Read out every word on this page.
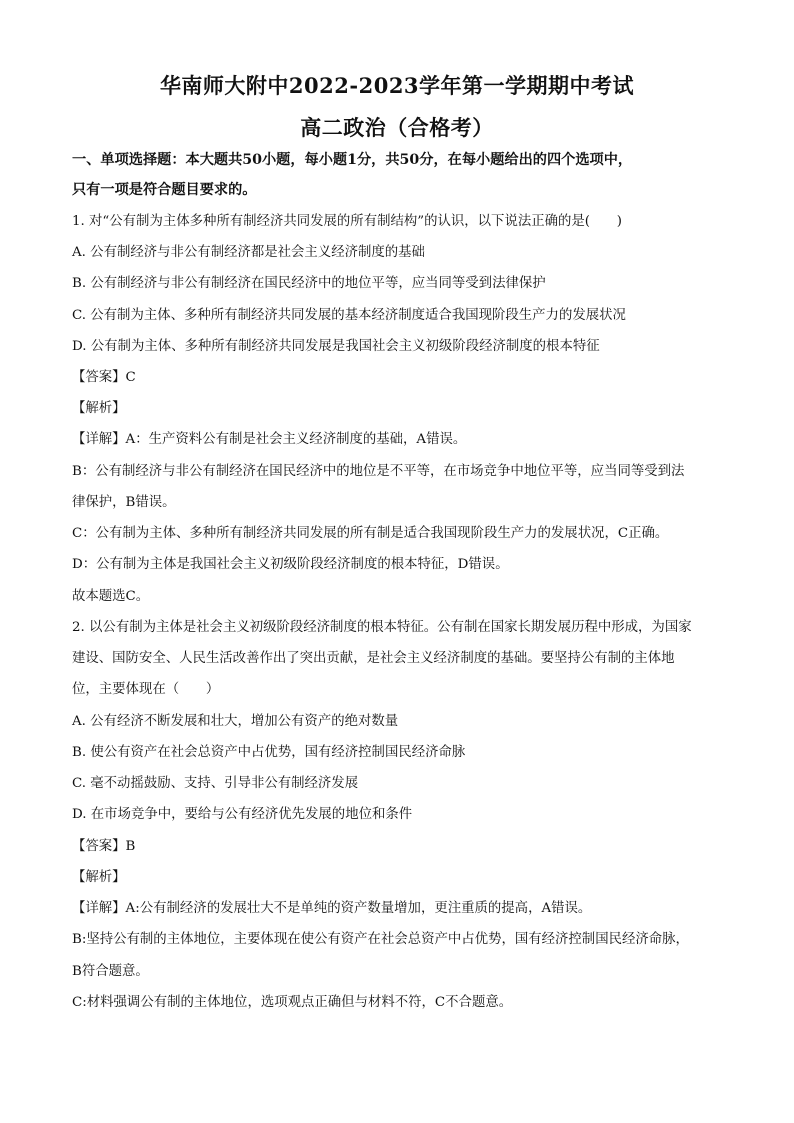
华南师大附中2022-2023学年第一学期期中考试
高二政治（合格考）
一、单项选择题：本大题共50小题，每小题1分，共50分，在每小题给出的四个选项中，
只有一项是符合题目要求的。
1. 对“公有制为主体多种所有制经济共同发展的所有制结构”的认识，以下说法正确的是(　　)
A. 公有制经济与非公有制经济都是社会主义经济制度的基础
B. 公有制经济与非公有制经济在国民经济中的地位平等，应当同等受到法律保护
C. 公有制为主体、多种所有制经济共同发展的基本经济制度适合我国现阶段生产力的发展状况
D. 公有制为主体、多种所有制经济共同发展是我国社会主义初级阶段经济制度的根本特征
【答案】C
【解析】
【详解】A：生产资料公有制是社会主义经济制度的基础，A错误。
B：公有制经济与非公有制经济在国民经济中的地位是不平等，在市场竞争中地位平等，应当同等受到法
律保护，B错误。
C：公有制为主体、多种所有制经济共同发展的所有制是适合我国现阶段生产力的发展状况，C正确。
D：公有制为主体是我国社会主义初级阶段经济制度的根本特征，D错误。
故本题选C。
2. 以公有制为主体是社会主义初级阶段经济制度的根本特征。公有制在国家长期发展历程中形成，为国家
建设、国防安全、人民生活改善作出了突出贡献，是社会主义经济制度的基础。要坚持公有制的主体地
位，主要体现在（　　）
A. 公有经济不断发展和壮大，增加公有资产的绝对数量
B. 使公有资产在社会总资产中占优势，国有经济控制国民经济命脉
C. 毫不动摇鼓励、支持、引导非公有制经济发展
D. 在市场竞争中，要给与公有经济优先发展的地位和条件
【答案】B
【解析】
【详解】A:公有制经济的发展壮大不是单纯的资产数量增加，更注重质的提高，A错误。
B:坚持公有制的主体地位，主要体现在使公有资产在社会总资产中占优势，国有经济控制国民经济命脉，
B符合题意。
C:材料强调公有制的主体地位，选项观点正确但与材料不符，C不合题意。
